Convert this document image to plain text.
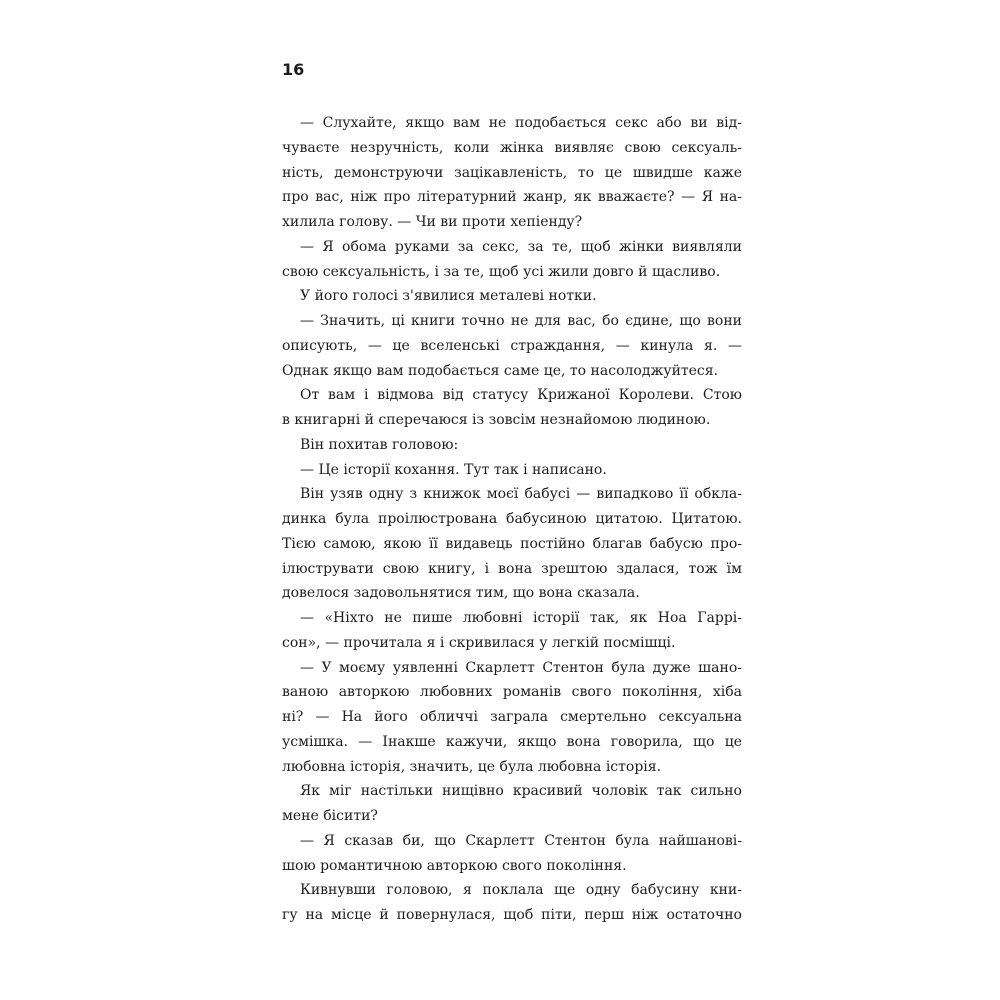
16
— Слухайте, якщо вам не подобається секс або ви від-
чуваєте незручність, коли жінка виявляє свою сексуаль-
ність, демонструючи зацікавленість, то це швидше каже
про вас, ніж про літературний жанр, як вважаєте? — Я на-
хилила голову. — Чи ви проти хепіенду?
— Я обома руками за секс, за те, щоб жінки виявляли
свою сексуальність, і за те, щоб усі жили довго й щасливо.
У його голосі з'явилися металеві нотки.
— Значить, ці книги точно не для вас, бо єдине, що вони
описують, — це вселенські страждання, — кинула я. —
Однак якщо вам подобається саме це, то насолоджуйтеся.
От вам і відмова від статусу Крижаної Королеви. Стою
в книгарні й сперечаюся із зовсім незнайомою людиною.
Він похитав головою:
— Це історії кохання. Тут так і написано.
Він узяв одну з книжок моєї бабусі — випадково її обкла-
динка була проілюстрована бабусиною цитатою. Цитатою.
Тією самою, якою її видавець постійно благав бабусю про-
ілюструвати свою книгу, і вона зрештою здалася, тож їм
довелося задовольнятися тим, що вона сказала.
— «Ніхто не пише любовні історії так, як Ноа Гаррі-
сон», — прочитала я і скривилася у легкій посмішці.
— У моєму уявленні Скарлетт Стентон була дуже шано-
ваною авторкою любовних романів свого покоління, хіба
ні? — На його обличчі заграла смертельно сексуальна
усмішка. — Інакше кажучи, якщо вона говорила, що це
любовна історія, значить, це була любовна історія.
Як міг настільки нищівно красивий чоловік так сильно
мене бісити?
— Я сказав би, що Скарлетт Стентон була найшанові-
шою романтичною авторкою свого покоління.
Кивнувши головою, я поклала ще одну бабусину кни-
гу на місце й повернулася, щоб піти, перш ніж остаточно
